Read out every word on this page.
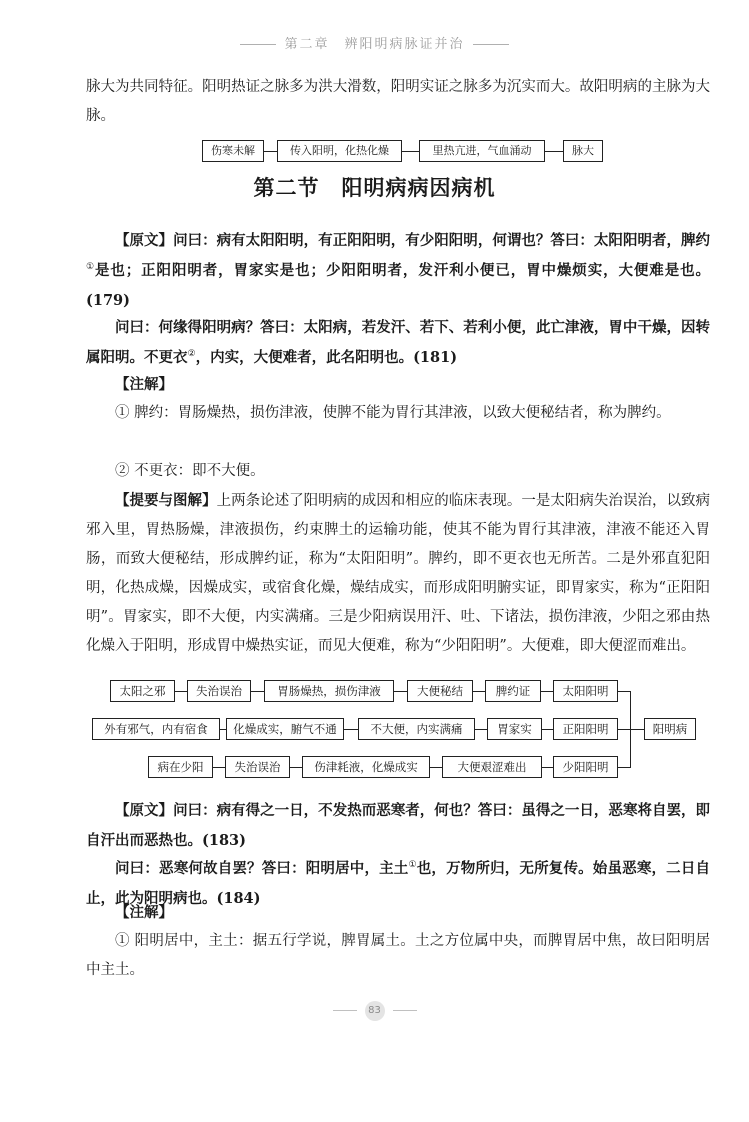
第二章　辨阳明病脉证并治

脉大为共同特征。阳明热证之脉多为洪大滑数，阳明实证之脉多为沉实而大。故阳明病的主脉为大脉。

伤寒未解	传入阳明，化热化燥	里热亢进，气血涌动	脉大
第二节　阳明病病因病机

【原文】问曰：病有太阳阳明，有正阳阳明，有少阳阳明，何谓也？答曰：太阳阳明者，脾约①是也；正阳阳明者，胃家实是也；少阳阳明者，发汗利小便已，胃中燥烦实，大便难是也。(179)

问曰：何缘得阳明病？答曰：太阳病，若发汗、若下、若利小便，此亡津液，胃中干燥，因转属阳明。不更衣②，内实，大便难者，此名阳明也。(181)

【注解】

① 脾约：胃肠燥热，损伤津液，使脾不能为胃行其津液，以致大便秘结者，称为脾约。

② 不更衣：即不大便。

【提要与图解】上两条论述了阳明病的成因和相应的临床表现。一是太阳病失治误治，以致病邪入里，胃热肠燥，津液损伤，约束脾土的运输功能，使其不能为胃行其津液，津液不能还入胃肠，而致大便秘结，形成脾约证，称为“太阳阳明”。脾约，即不更衣也无所苦。二是外邪直犯阳明，化热成燥，因燥成实，或宿食化燥，燥结成实，而形成阳明腑实证，即胃家实，称为“正阳阳明”。胃家实，即不大便，内实满痛。三是少阳病误用汗、吐、下诸法，损伤津液，少阳之邪由热化燥入于阳明，形成胃中燥热实证，而见大便难，称为“少阳阳明”。大便难，即大便涩而难出。

太阳之邪	失治误治	胃肠燥热，损伤津液	大便秘结	脾约证	太阳阳明
外有邪气，内有宿食	化燥成实，腑气不通	不大便，内实满痛	胃家实	正阳阳明
病在少阳	失治误治	伤津耗液，化燥成实	大便艰涩难出	少阳阳明
阳明病

【原文】问曰：病有得之一日，不发热而恶寒者，何也？答曰：虽得之一日，恶寒将自罢，即自汗出而恶热也。(183)

问曰：恶寒何故自罢？答曰：阳明居中，主土①也，万物所归，无所复传。始虽恶寒，二日自止，此为阳明病也。(184)

【注解】

① 阳明居中，主土：据五行学说，脾胃属土。土之方位属中央，而脾胃居中焦，故曰阳明居中主土。

83
